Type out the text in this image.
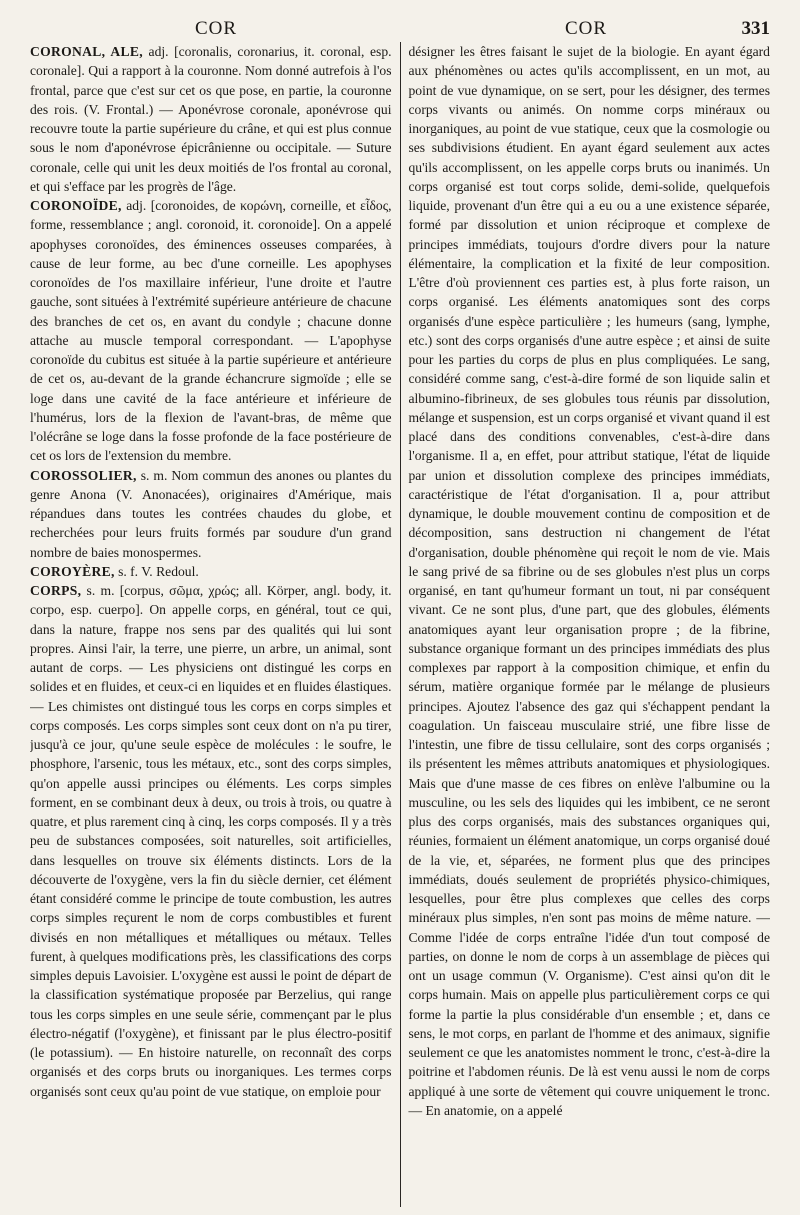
COR	COR	331

CORONAL, ALE, adj. [coronalis, coronarius, it. coronal, esp. coronale]. Qui a rapport à la couronne. Nom donné autrefois à l'os frontal, parce que c'est sur cet os que pose, en partie, la couronne des rois. (V. Frontal.) — Aponévrose coronale, aponévrose qui recouvre toute la partie supérieure du crâne, et qui est plus connue sous le nom d'aponévrose épicrânienne ou occipitale. — Suture coronale, celle qui unit les deux moitiés de l'os frontal au coronal, et qui s'efface par les progrès de l'âge.

CORONOÏDE, adj. [coronoides, de κορώνη, corneille, et εἶδος, forme, ressemblance ; angl. coronoid, it. coronoide]. On a appelé apophyses coronoïdes, des éminences osseuses comparées, à cause de leur forme, au bec d'une corneille. Les apophyses coronoïdes de l'os maxillaire inférieur, l'une droite et l'autre gauche, sont situées à l'extrémité supérieure antérieure de chacune des branches de cet os, en avant du condyle ; chacune donne attache au muscle temporal correspondant. — L'apophyse coronoïde du cubitus est située à la partie supérieure et antérieure de cet os, au-devant de la grande échancrure sigmoïde ; elle se loge dans une cavité de la face antérieure et inférieure de l'humérus, lors de la flexion de l'avant-bras, de même que l'olécrâne se loge dans la fosse profonde de la face postérieure de cet os lors de l'extension du membre.

COROSSOLIER, s. m. Nom commun des anones ou plantes du genre Anona (V. Anonacées), originaires d'Amérique, mais répandues dans toutes les contrées chaudes du globe, et recherchées pour leurs fruits formés par soudure d'un grand nombre de baies monospermes.

COROYÈRE, s. f. V. Redoul.

CORPS, s. m. [corpus, σῶμα, χρώς; all. Körper, angl. body, it. corpo, esp. cuerpo]. On appelle corps, en général, tout ce qui, dans la nature, frappe nos sens par des qualités qui lui sont propres. Ainsi l'air, la terre, une pierre, un arbre, un animal, sont autant de corps. — Les physiciens ont distingué les corps en solides et en fluides, et ceux-ci en liquides et en fluides élastiques. — Les chimistes ont distingué tous les corps en corps simples et corps composés. Les corps simples sont ceux dont on n'a pu tirer, jusqu'à ce jour, qu'une seule espèce de molécules : le soufre, le phosphore, l'arsenic, tous les métaux, etc., sont des corps simples, qu'on appelle aussi principes ou éléments. Les corps simples forment, en se combinant deux à deux, ou trois à trois, ou quatre à quatre, et plus rarement cinq à cinq, les corps composés. Il y a très peu de substances composées, soit naturelles, soit artificielles, dans lesquelles on trouve six éléments distincts. Lors de la découverte de l'oxygène, vers la fin du siècle dernier, cet élément étant considéré comme le principe de toute combustion, les autres corps simples reçurent le nom de corps combustibles et furent divisés en non métalliques et métalliques ou métaux. Telles furent, à quelques modifications près, les classifications des corps simples depuis Lavoisier. L'oxygène est aussi le point de départ de la classification systématique proposée par Berzelius, qui range tous les corps simples en une seule série, commençant par le plus électro-négatif (l'oxygène), et finissant par le plus électro-positif (le potassium). — En histoire naturelle, on reconnaît des corps organisés et des corps bruts ou inorganiques. Les termes corps organisés sont ceux qu'au point de vue statique, on emploie pour

désigner les êtres faisant le sujet de la biologie. En ayant égard aux phénomènes ou actes qu'ils accomplissent, en un mot, au point de vue dynamique, on se sert, pour les désigner, des termes corps vivants ou animés. On nomme corps minéraux ou inorganiques, au point de vue statique, ceux que la cosmologie ou ses subdivisions étudient. En ayant égard seulement aux actes qu'ils accomplissent, on les appelle corps bruts ou inanimés. Un corps organisé est tout corps solide, demi-solide, quelquefois liquide, provenant d'un être qui a eu ou a une existence séparée, formé par dissolution et union réciproque et complexe de principes immédiats, toujours d'ordre divers pour la nature élémentaire, la complication et la fixité de leur composition. L'être d'où proviennent ces parties est, à plus forte raison, un corps organisé. Les éléments anatomiques sont des corps organisés d'une espèce particulière ; les humeurs (sang, lymphe, etc.) sont des corps organisés d'une autre espèce ; et ainsi de suite pour les parties du corps de plus en plus compliquées. Le sang, considéré comme sang, c'est-à-dire formé de son liquide salin et albumino-fibrineux, de ses globules tous réunis par dissolution, mélange et suspension, est un corps organisé et vivant quand il est placé dans des conditions convenables, c'est-à-dire dans l'organisme. Il a, en effet, pour attribut statique, l'état de liquide par union et dissolution complexe des principes immédiats, caractéristique de l'état d'organisation. Il a, pour attribut dynamique, le double mouvement continu de composition et de décomposition, sans destruction ni changement de l'état d'organisation, double phénomène qui reçoit le nom de vie. Mais le sang privé de sa fibrine ou de ses globules n'est plus un corps organisé, en tant qu'humeur formant un tout, ni par conséquent vivant. Ce ne sont plus, d'une part, que des globules, éléments anatomiques ayant leur organisation propre ; de la fibrine, substance organique formant un des principes immédiats des plus complexes par rapport à la composition chimique, et enfin du sérum, matière organique formée par le mélange de plusieurs principes. Ajoutez l'absence des gaz qui s'échappent pendant la coagulation. Un faisceau musculaire strié, une fibre lisse de l'intestin, une fibre de tissu cellulaire, sont des corps organisés ; ils présentent les mêmes attributs anatomiques et physiologiques. Mais que d'une masse de ces fibres on enlève l'albumine ou la musculine, ou les sels des liquides qui les imbibent, ce ne seront plus des corps organisés, mais des substances organiques qui, réunies, formaient un élément anatomique, un corps organisé doué de la vie, et, séparées, ne forment plus que des principes immédiats, doués seulement de propriétés physico-chimiques, lesquelles, pour être plus complexes que celles des corps minéraux plus simples, n'en sont pas moins de même nature. — Comme l'idée de corps entraîne l'idée d'un tout composé de parties, on donne le nom de corps à un assemblage de pièces qui ont un usage commun (V. Organisme). C'est ainsi qu'on dit le corps humain. Mais on appelle plus particulièrement corps ce qui forme la partie la plus considérable d'un ensemble ; et, dans ce sens, le mot corps, en parlant de l'homme et des animaux, signifie seulement ce que les anatomistes nomment le tronc, c'est-à-dire la poitrine et l'abdomen réunis. De là est venu aussi le nom de corps appliqué à une sorte de vêtement qui couvre uniquement le tronc. — En anatomie, on a appelé
